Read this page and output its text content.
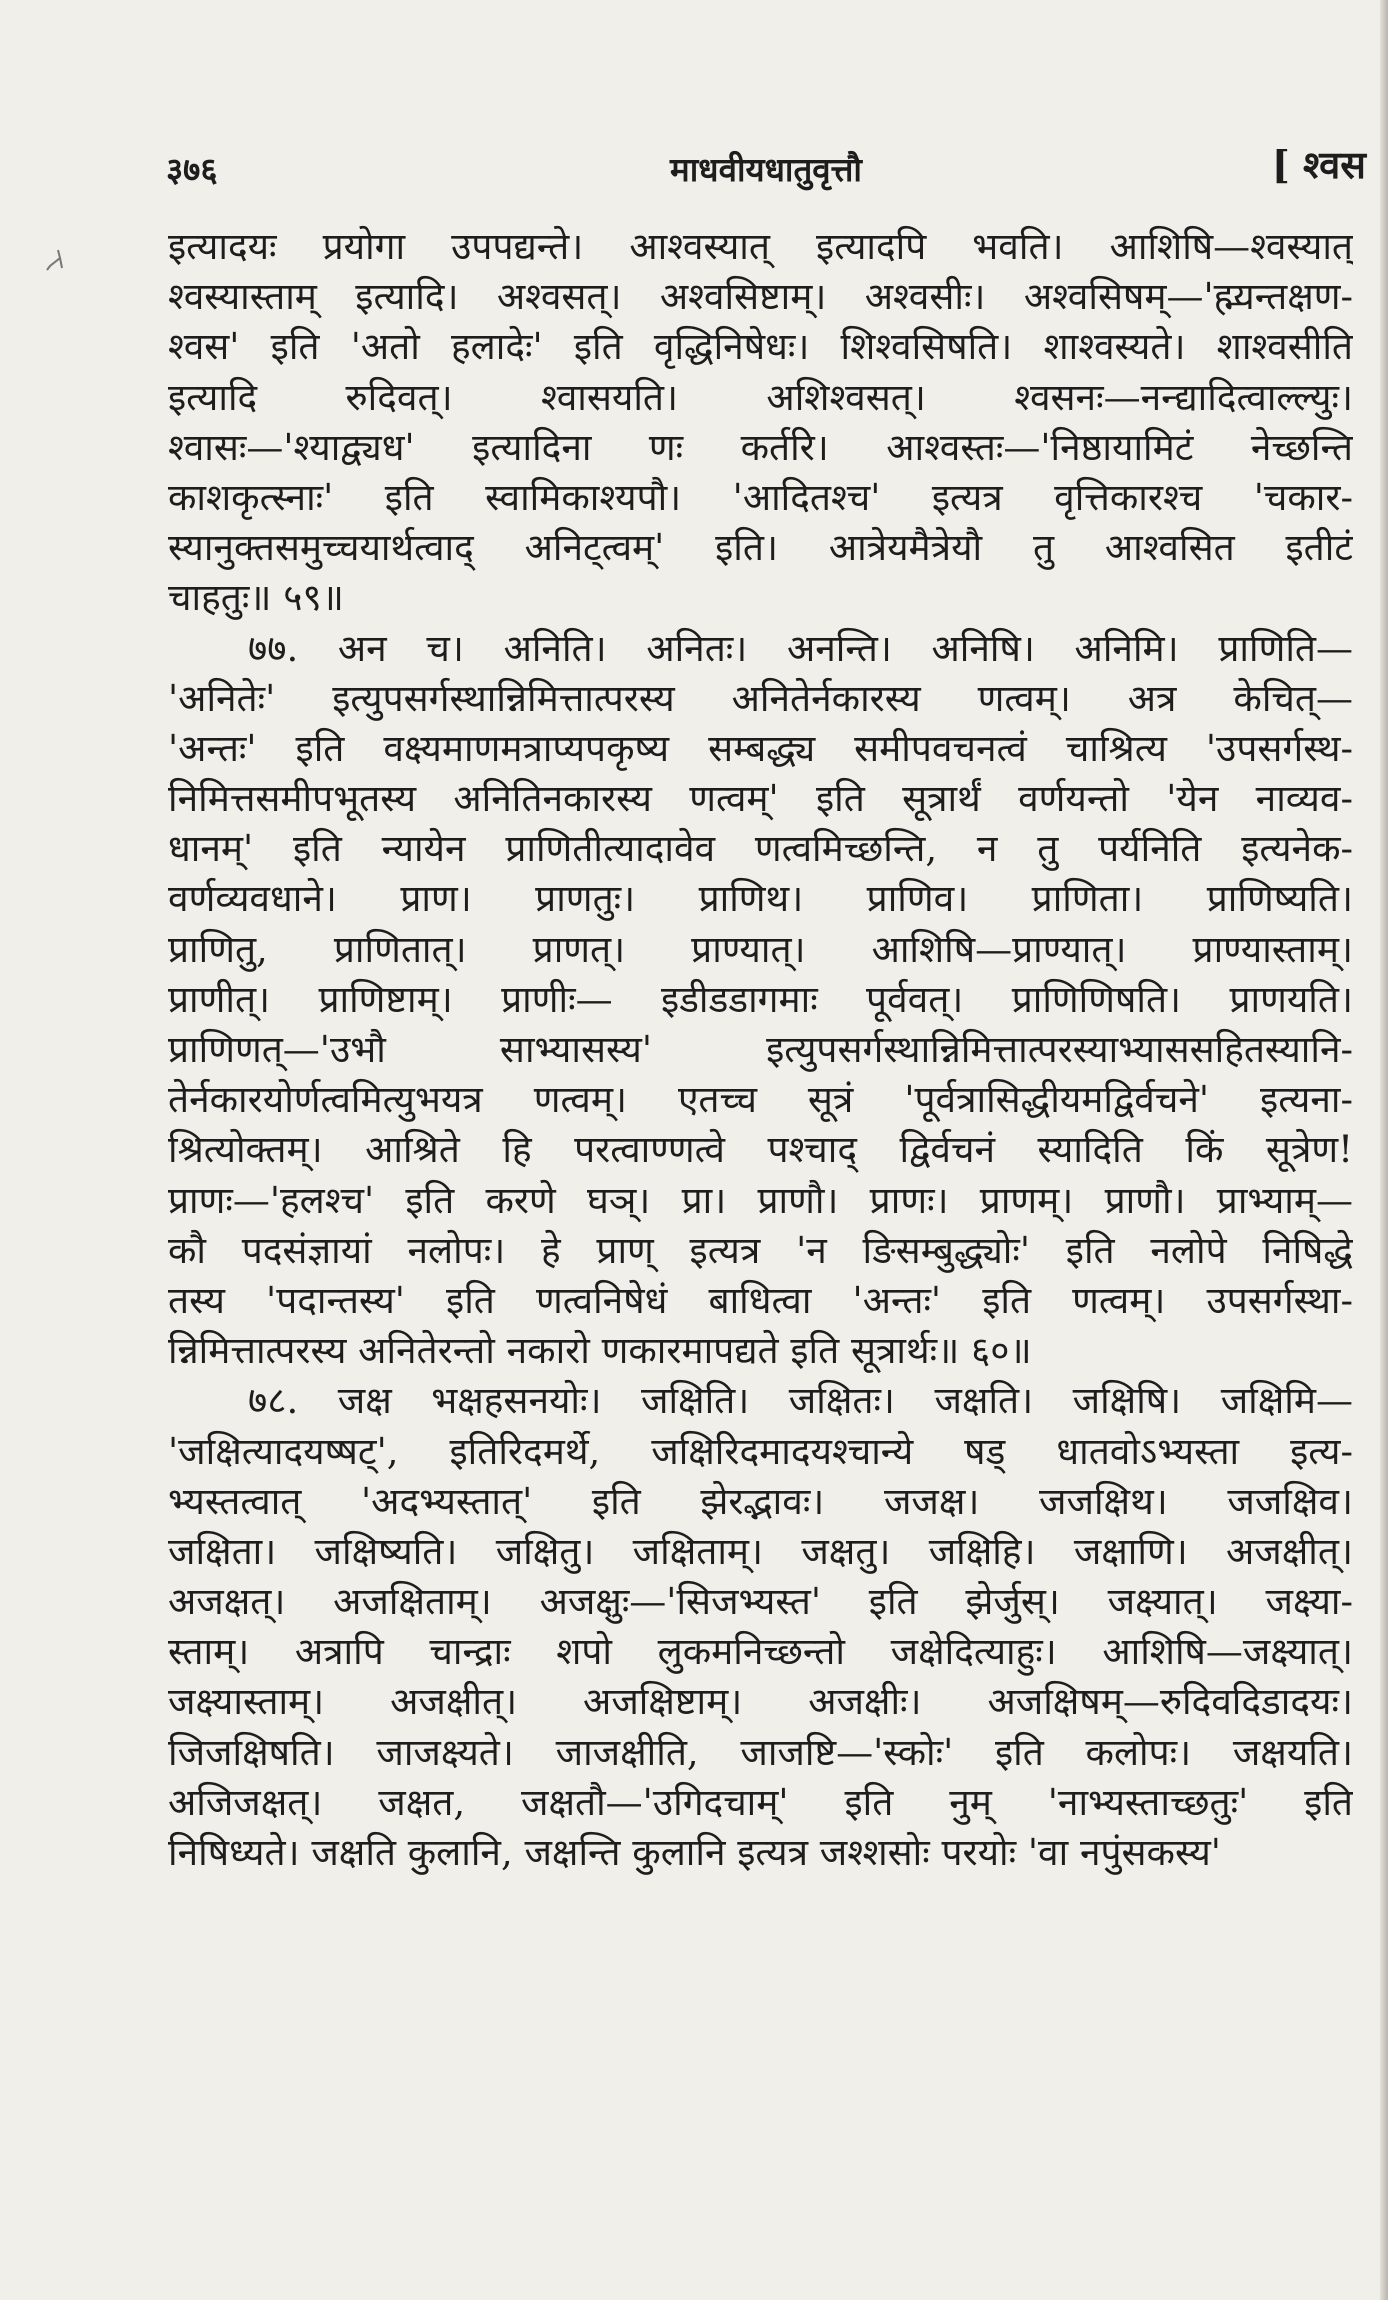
३७६	माधवीयधातुवृत्तौ	[ श्वस
इत्यादयः प्रयोगा उपपद्यन्ते। आश्वस्यात् इत्यादपि भवति। आशिषि—श्वस्यात्
श्वस्यास्ताम् इत्यादि। अश्वसत्। अश्वसिष्टाम्। अश्वसीः। अश्वसिषम्—'ह्म्यन्तक्षण-
श्वस' इति 'अतो हलादेः' इति वृद्धिनिषेधः। शिश्वसिषति। शाश्वस्यते। शाश्वसीति
इत्यादि रुदिवत्। श्वासयति। अशिश्वसत्। श्वसनः—नन्द्यादित्वाल्ल्युः।
श्वासः—'श्याद्व्यध' इत्यादिना णः कर्तरि। आश्वस्तः—'निष्ठायामिटं नेच्छन्ति
काशकृत्स्नाः' इति स्वामिकाश्यपौ। 'आदितश्च' इत्यत्र वृत्तिकारश्च 'चकार-
स्यानुक्तसमुच्चयार्थत्वाद् अनिट्त्वम्' इति। आत्रेयमैत्रेयौ तु आश्वसित इतीटं
चाहतुः॥ ५९॥
७७. अन च। अनिति। अनितः। अनन्ति। अनिषि। अनिमि। प्राणिति—
'अनितेः' इत्युपसर्गस्थान्निमित्तात्परस्य अनितेर्नकारस्य णत्वम्। अत्र केचित्—
'अन्तः' इति वक्ष्यमाणमत्राप्यपकृष्य सम्बद्ध्य समीपवचनत्वं चाश्रित्य 'उपसर्गस्थ-
निमित्तसमीपभूतस्य अनितिनकारस्य णत्वम्' इति सूत्रार्थं वर्णयन्तो 'येन नाव्यव-
धानम्' इति न्यायेन प्राणितीत्यादावेव णत्वमिच्छन्ति, न तु पर्यनिति इत्यनेक-
वर्णव्यवधाने। प्राण। प्राणतुः। प्राणिथ। प्राणिव। प्राणिता। प्राणिष्यति।
प्राणितु, प्राणितात्। प्राणत्। प्राण्यात्। आशिषि—प्राण्यात्। प्राण्यास्ताम्।
प्राणीत्। प्राणिष्टाम्। प्राणीः— इडीडडागमाः पूर्ववत्। प्राणिणिषति। प्राणयति।
प्राणिणत्—'उभौ साभ्यासस्य' इत्युपसर्गस्थान्निमित्तात्परस्याभ्याससहितस्यानि-
तेर्नकारयोर्णत्वमित्युभयत्र णत्वम्। एतच्च सूत्रं 'पूर्वत्रासिद्धीयमद्विर्वचने' इत्यना-
श्रित्योक्तम्। आश्रिते हि परत्वाण्णत्वे पश्चाद् द्विर्वचनं स्यादिति किं सूत्रेण!
प्राणः—'हलश्च' इति करणे घञ्। प्रा। प्राणौ। प्राणः। प्राणम्। प्राणौ। प्राभ्याम्—
कौ पदसंज्ञायां नलोपः। हे प्राण् इत्यत्र 'न ङिसम्बुद्ध्योः' इति नलोपे निषिद्धे
तस्य 'पदान्तस्य' इति णत्वनिषेधं बाधित्वा 'अन्तः' इति णत्वम्। उपसर्गस्था-
न्निमित्तात्परस्य अनितेरन्तो नकारो णकारमापद्यते इति सूत्रार्थः॥ ६०॥
७८. जक्ष भक्षहसनयोः। जक्षिति। जक्षितः। जक्षति। जक्षिषि। जक्षिमि—
'जक्षित्यादयष्षट्', इतिरिदमर्थे, जक्षिरिदमादयश्चान्ये षड् धातवोऽभ्यस्ता इत्य-
भ्यस्तत्वात् 'अदभ्यस्तात्' इति झेरद्भावः। जजक्ष। जजक्षिथ। जजक्षिव।
जक्षिता। जक्षिष्यति। जक्षितु। जक्षिताम्। जक्षतु। जक्षिहि। जक्षाणि। अजक्षीत्।
अजक्षत्। अजक्षिताम्। अजक्षुः—'सिजभ्यस्त' इति झेर्जुस्। जक्ष्यात्। जक्ष्या-
स्ताम्। अत्रापि चान्द्राः शपो लुकमनिच्छन्तो जक्षेदित्याहुः। आशिषि—जक्ष्यात्।
जक्ष्यास्ताम्। अजक्षीत्। अजक्षिष्टाम्। अजक्षीः। अजक्षिषम्—रुदिवदिडादयः।
जिजक्षिषति। जाजक्ष्यते। जाजक्षीति, जाजष्टि—'स्कोः' इति कलोपः। जक्षयति।
अजिजक्षत्। जक्षत, जक्षतौ—'उगिदचाम्' इति नुम् 'नाभ्यस्ताच्छतुः' इति
निषिध्यते। जक्षति कुलानि, जक्षन्ति कुलानि इत्यत्र जश्शसोः परयोः 'वा नपुंसकस्य'
